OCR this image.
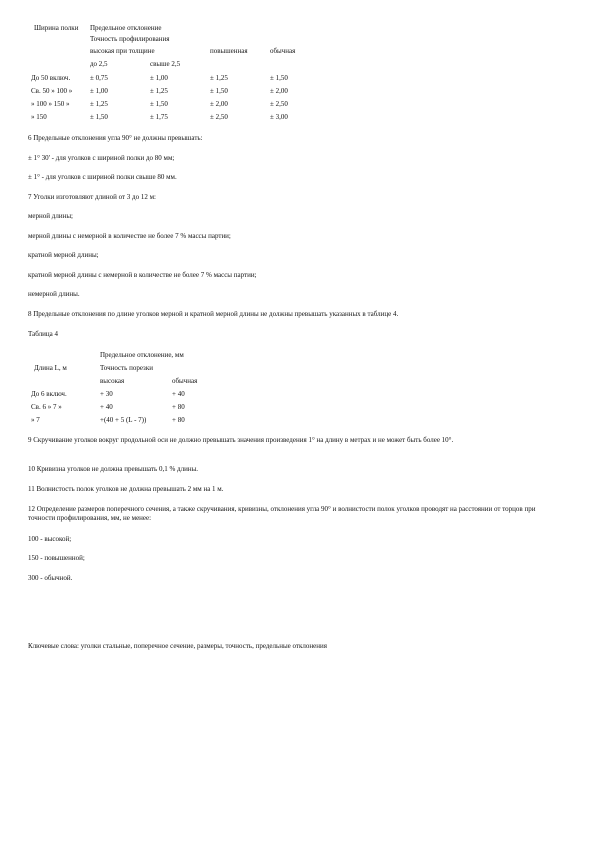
Ширина полки Предельное отклонение
Точность профилирования
высокая при толщине	повышенная	обычная
до 2,5	свыше 2,5
До 50 включ.	± 0,75	± 1,00	± 1,25	± 1,50
Св. 50 » 100 »	± 1,00	± 1,25	± 1,50	± 2,00
» 100 » 150 »	± 1,25	± 1,50	± 2,00	± 2,50
» 150	± 1,50	± 1,75	± 2,50	± 3,00
6 Предельные отклонения угла 90° не должны превышать:
± 1° 30' - для уголков с шириной полки до 80 мм;
± 1° - для уголков с шириной полки свыше 80 мм.
7 Уголки изготовляют длиной от 3 до 12 м:
мерной длины;
мерной длины с немерной в количестве не более 7 % массы партии;
кратной мерной длины;
кратной мерной длины с немерной в количестве не более 7 % массы партии;
немерной длины.
8 Предельные отклонения по длине уголков мерной и кратной мерной длины не должны превышать указанных в таблице 4.
Таблица 4
Предельное отклонение, мм
Длина L, м	Точность порезки
высокая	обычная
До 6 включ.	+ 30	+ 40
Св. 6 » 7 »	+ 40	+ 80
» 7	+(40 + 5 (L - 7))	+ 80
9 Скручивание уголков вокруг продольной оси не должно превышать значения произведения 1° на длину в метрах и не может быть более 10°.
10 Кривизна уголков не должна превышать 0,1 % длины.
11 Волнистость полок уголков не должна превышать 2 мм на 1 м.
12 Определение размеров поперечного сечения, а также скручивания, кривизны, отклонения угла 90° и волнистости полок уголков проводят на расстоянии от торцов при точности профилирования, мм, не менее:
100 - высокой;
150 - повышенной;
300 - обычной.
Ключевые слова: уголки стальные, поперечное сечение, размеры, точность, предельные отклонения
